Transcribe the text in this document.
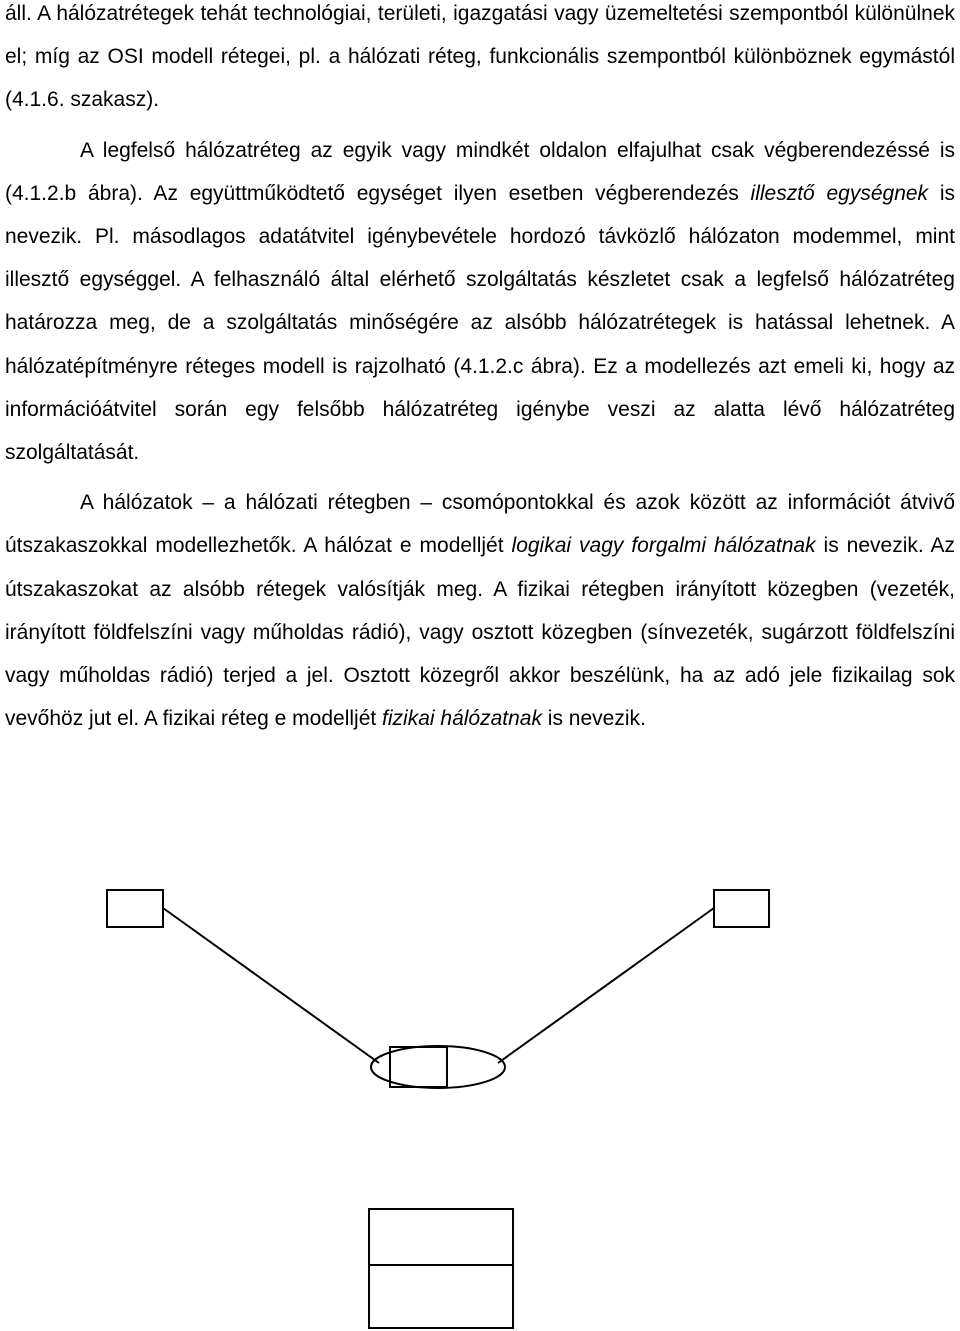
áll. A hálózatrétegek tehát technológiai, területi, igazgatási vagy üzemeltetési szempontból különülnek el; míg az OSI modell rétegei, pl. a hálózati réteg, funkcionális szempontból különböznek egymástól (4.1.6. szakasz).

A legfelső hálózatréteg az egyik vagy mindkét oldalon elfajulhat csak végberendezéssé is (4.1.2.b ábra). Az együttműködtető egységet ilyen esetben végberendezés illesztő egységnek is nevezik. Pl. másodlagos adatátvitel igénybevétele hordozó távközlő hálózaton modemmel, mint illesztő egységgel. A felhasználó által elérhető szolgáltatás készletet csak a legfelső hálózatréteg határozza meg, de a szolgáltatás minőségére az alsóbb hálózatrétegek is hatással lehetnek. A hálózatépítményre réteges modell is rajzolható (4.1.2.c ábra). Ez a modellezés azt emeli ki, hogy az információátvitel során egy felsőbb hálózatréteg igénybe veszi az alatta lévő hálózatréteg szolgáltatását.

A hálózatok – a hálózati rétegben – csomópontokkal és azok között az információt átvivő útszakaszokkal modellezhetők. A hálózat e modelljét logikai vagy forgalmi hálózatnak is nevezik. Az útszakaszokat az alsóbb rétegek valósítják meg. A fizikai rétegben irányított közegben (vezeték, irányított földfelszíni vagy műholdas rádió), vagy osztott közegben (sínvezeték, sugárzott földfelszíni vagy műholdas rádió) terjed a jel. Osztott közegről akkor beszélünk, ha az adó jele fizikailag sok vevőhöz jut el. A fizikai réteg e modelljét fizikai hálózatnak is nevezik.
